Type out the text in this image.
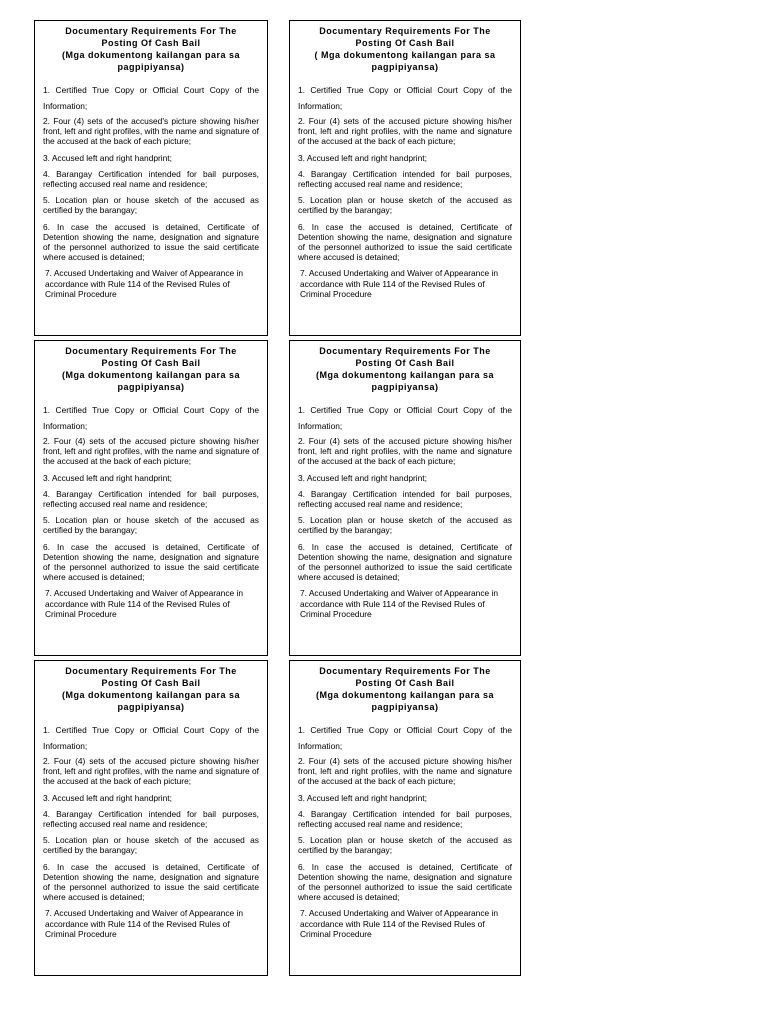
Documentary Requirements For The
Posting Of Cash Bail
(Mga dokumentong kailangan para sa
pagpipiyansa)

1. Certified True Copy or Official Court Copy of the Information;

2. Four (4) sets of the accused's picture showing his/her front, left and right profiles, with the name and signature of the accused at the back of each picture;

3. Accused left and right handprint;

4. Barangay Certification intended for bail purposes, reflecting accused real name and residence;

5. Location plan or house sketch of the accused as certified by the barangay;

6. In case the accused is detained, Certificate of Detention showing the name, designation and signature of the personnel authorized to issue the said certificate where accused is detained;

7. Accused Undertaking and Waiver of Appearance in accordance with Rule 114 of the Revised Rules of Criminal Procedure

Documentary Requirements For The
Posting Of Cash Bail
( Mga dokumentong kailangan para sa
pagpipiyansa)

1. Certified True Copy or Official Court Copy of the Information;

2. Four (4) sets of the accused picture showing his/her front, left and right profiles, with the name and signature of the accused at the back of each picture;

3. Accused left and right handprint;

4. Barangay Certification intended for bail purposes, reflecting accused real name and residence;

5. Location plan or house sketch of the accused as certified by the barangay;

6. In case the accused is detained, Certificate of Detention showing the name, designation and signature of the personnel authorized to issue the said certificate where accused is detained;

7. Accused Undertaking and Waiver of Appearance in accordance with Rule 114 of the Revised Rules of Criminal Procedure

Documentary Requirements For The
Posting Of Cash Bail
(Mga dokumentong kailangan para sa
pagpipiyansa)

1. Certified True Copy or Official Court Copy of the Information;

2. Four (4) sets of the accused picture showing his/her front, left and right profiles, with the name and signature of the accused at the back of each picture;

3. Accused left and right handprint;

4. Barangay Certification intended for bail purposes, reflecting accused real name and residence;

5. Location plan or house sketch of the accused as certified by the barangay;

6. In case the accused is detained, Certificate of Detention showing the name, designation and signature of the personnel authorized to issue the said certificate where accused is detained;

7. Accused Undertaking and Waiver of Appearance in accordance with Rule 114 of the Revised Rules of Criminal Procedure

Documentary Requirements For The
Posting Of Cash Bail
(Mga dokumentong kailangan para sa
pagpipiyansa)

1. Certified True Copy or Official Court Copy of the Information;

2. Four (4) sets of the accused picture showing his/her front, left and right profiles, with the name and signature of the accused at the back of each picture;

3. Accused left and right handprint;

4. Barangay Certification intended for bail purposes, reflecting accused real name and residence;

5. Location plan or house sketch of the accused as certified by the barangay;

6. In case the accused is detained, Certificate of Detention showing the name, designation and signature of the personnel authorized to issue the said certificate where accused is detained;

7. Accused Undertaking and Waiver of Appearance in accordance with Rule 114 of the Revised Rules of Criminal Procedure

Documentary Requirements For The
Posting Of Cash Bail
(Mga dokumentong kailangan para sa
pagpipiyansa)

1. Certified True Copy or Official Court Copy of the Information;

2. Four (4) sets of the accused picture showing his/her front, left and right profiles, with the name and signature of the accused at the back of each picture;

3. Accused left and right handprint;

4. Barangay Certification intended for bail purposes, reflecting accused real name and residence;

5. Location plan or house sketch of the accused as certified by the barangay;

6. In case the accused is detained, Certificate of Detention showing the name, designation and signature of the personnel authorized to issue the said certificate where accused is detained;

7. Accused Undertaking and Waiver of Appearance in accordance with Rule 114 of the Revised Rules of Criminal Procedure

Documentary Requirements For The
Posting Of Cash Bail
(Mga dokumentong kailangan para sa
pagpipiyansa)

1. Certified True Copy or Official Court Copy of the Information;

2. Four (4) sets of the accused picture showing his/her front, left and right profiles, with the name and signature of the accused at the back of each picture;

3. Accused left and right handprint;

4. Barangay Certification intended for bail purposes, reflecting accused real name and residence;

5. Location plan or house sketch of the accused as certified by the barangay;

6. In case the accused is detained, Certificate of Detention showing the name, designation and signature of the personnel authorized to issue the said certificate where accused is detained;

7. Accused Undertaking and Waiver of Appearance in accordance with Rule 114 of the Revised Rules of Criminal Procedure
